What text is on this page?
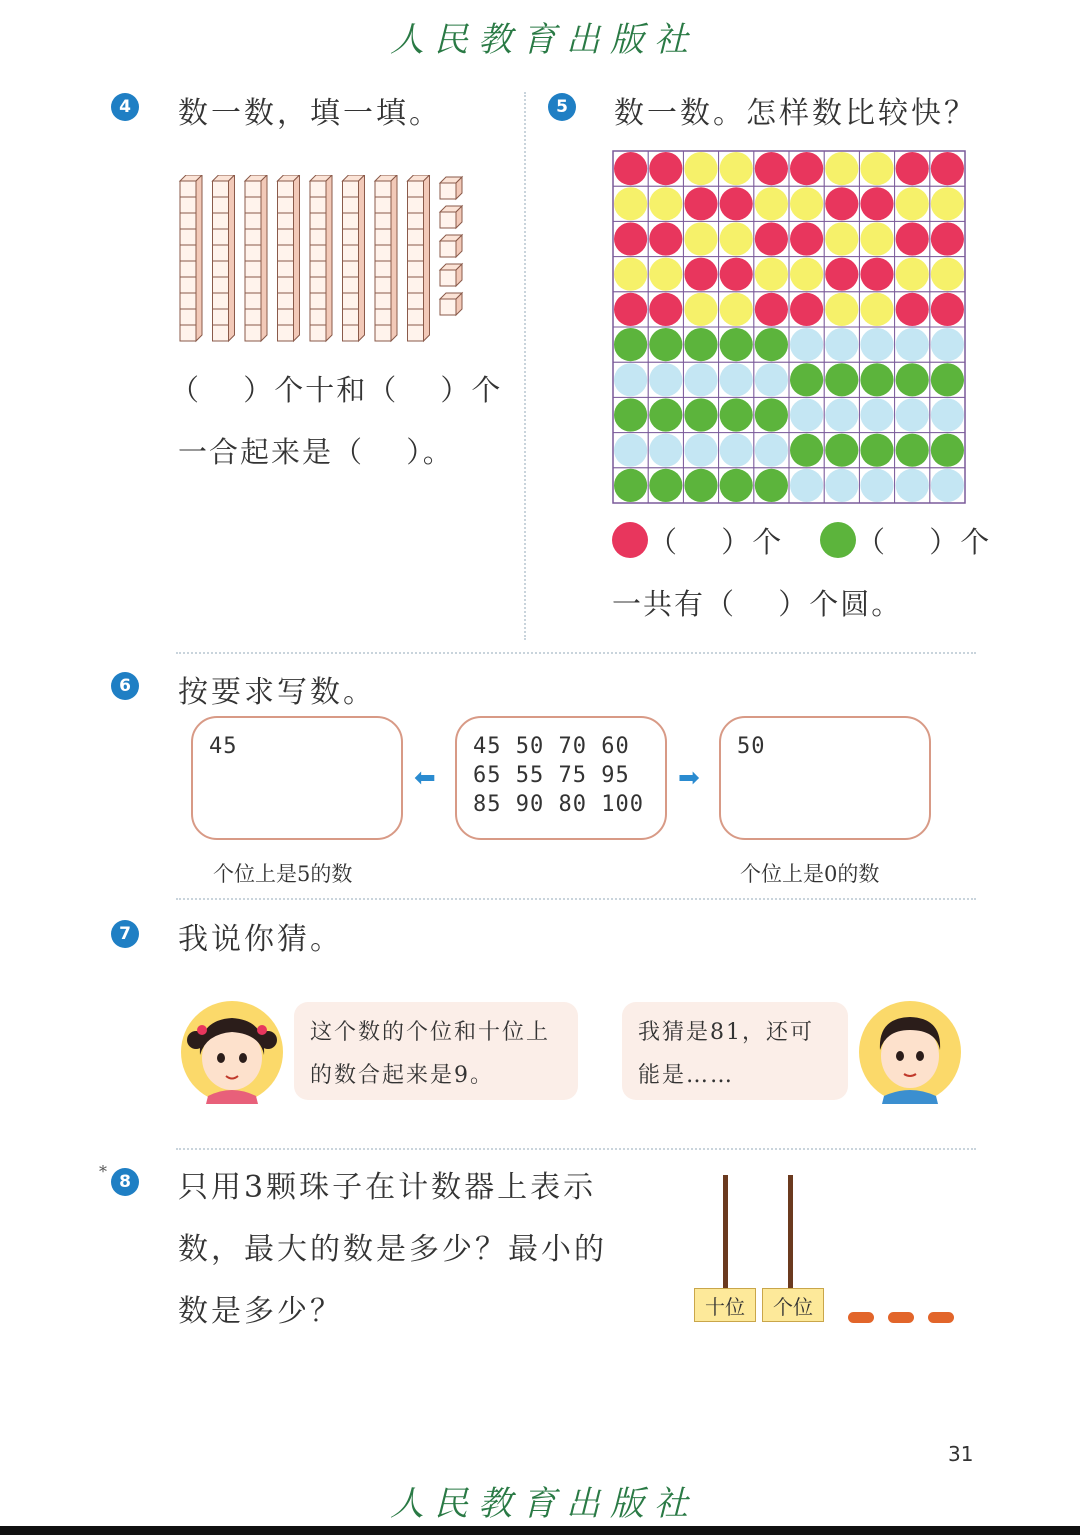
人民教育出版社
4 数一数，填一填。
（　 ）个十和（　 ）个
一合起来是（　 ）。
5 数一数。怎样数比较快？
（　 ）个	（　 ）个
一共有（　 ）个圆。
6 按要求写数。
45
⬅
45 50 70 60
65 55 75 95
85 90 80 100
➡
50
个位上是5的数	个位上是0的数
7 我说你猜。
这个数的个位和十位上
的数合起来是9。
我猜是81，还可
能是……
*
8 只用3颗珠子在计数器上表示
数，最大的数是多少？最小的
数是多少？	十位	个位
31
人民教育出版社
